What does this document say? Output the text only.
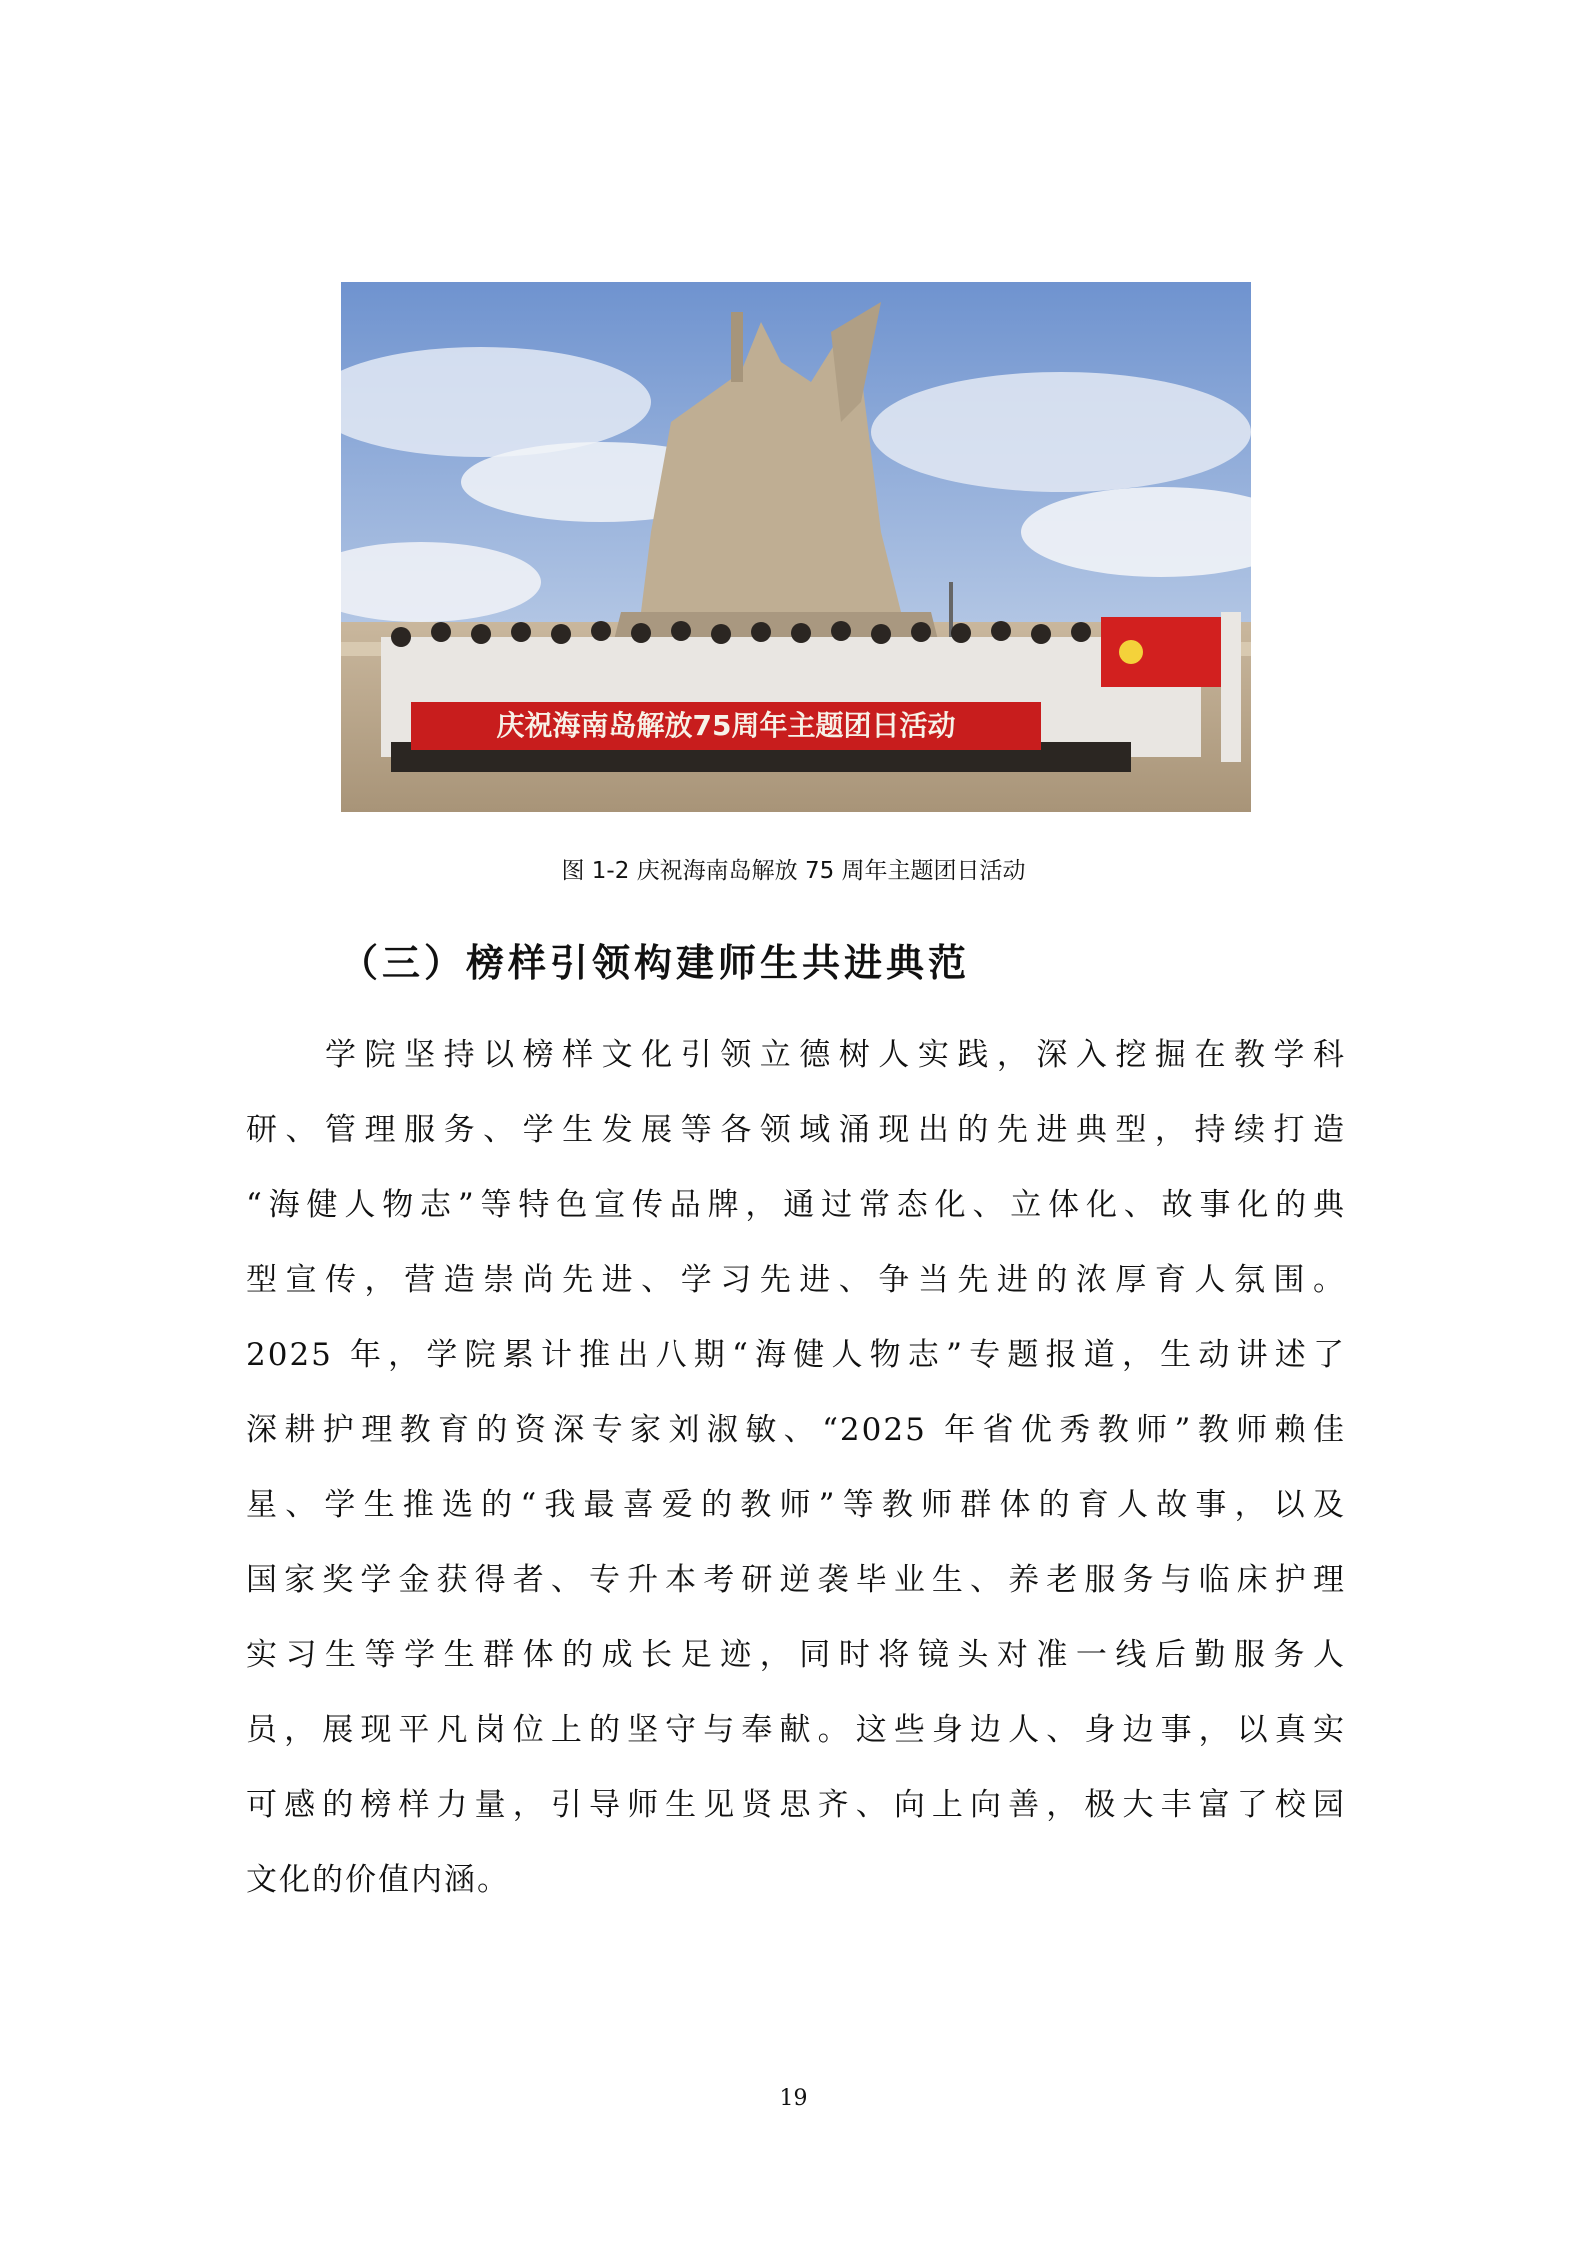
庆祝海南岛解放75周年主题团日活动
图 1-2 庆祝海南岛解放 75 周年主题团日活动
（三）榜样引领构建师生共进典范
　　学院坚持以榜样文化引领立德树人实践，深入挖掘在教学科
研、管理服务、学生发展等各领域涌现出的先进典型，持续打造
“海健人物志”等特色宣传品牌，通过常态化、立体化、故事化的典
型宣传，营造崇尚先进、学习先进、争当先进的浓厚育人氛围。
2025 年，学院累计推出八期“海健人物志”专题报道，生动讲述了
深耕护理教育的资深专家刘淑敏、“2025 年省优秀教师”教师赖佳
星、学生推选的“我最喜爱的教师”等教师群体的育人故事，以及
国家奖学金获得者、专升本考研逆袭毕业生、养老服务与临床护理
实习生等学生群体的成长足迹，同时将镜头对准一线后勤服务人
员，展现平凡岗位上的坚守与奉献。这些身边人、身边事，以真实
可感的榜样力量，引导师生见贤思齐、向上向善，极大丰富了校园
文化的价值内涵。
19
